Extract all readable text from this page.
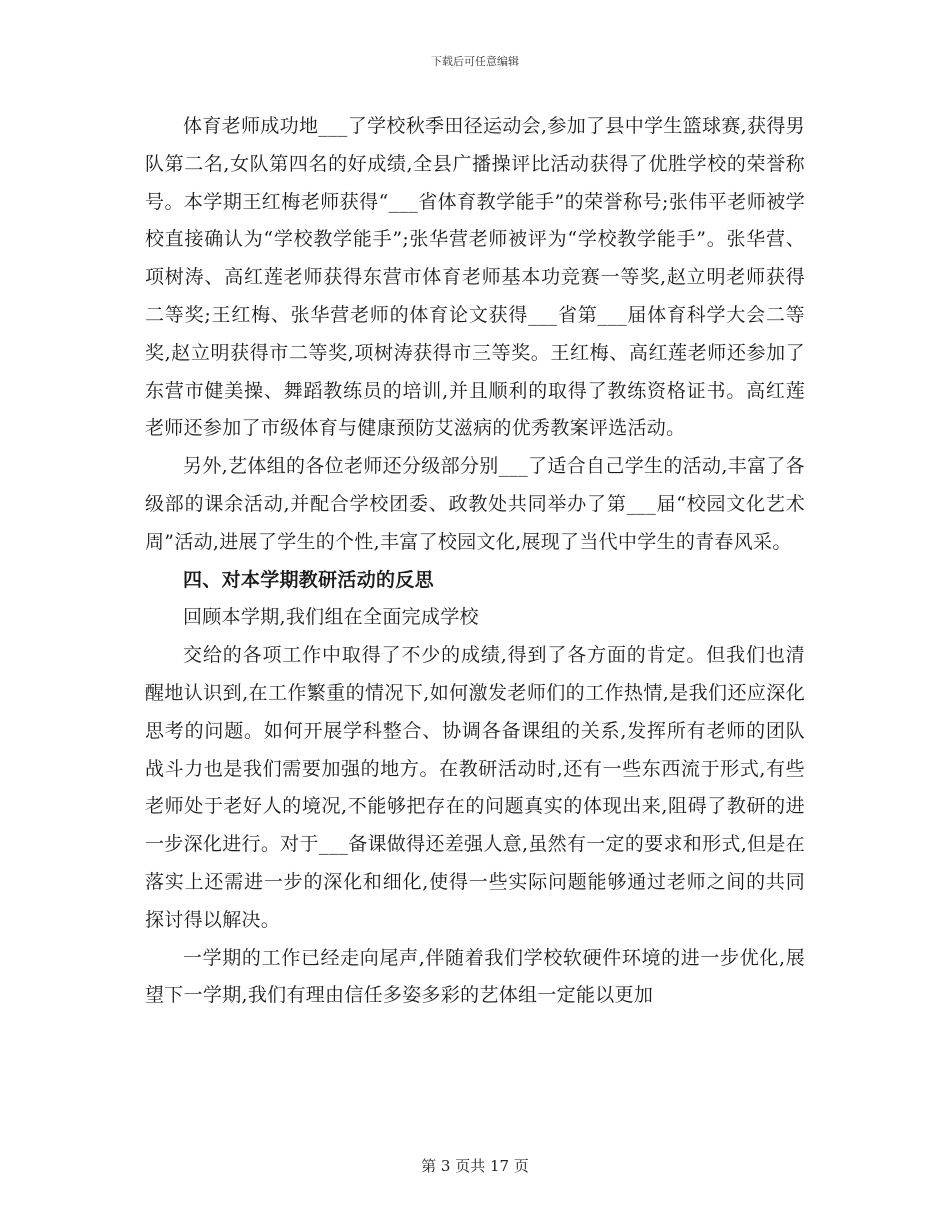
下载后可任意编辑

体育老师成功地___了学校秋季田径运动会,参加了县中学生篮球赛,获得男队第二名,女队第四名的好成绩,全县广播操评比活动获得了优胜学校的荣誉称号。本学期王红梅老师获得“___省体育教学能手”的荣誉称号;张伟平老师被学校直接确认为“学校教学能手”;张华营老师被评为“学校教学能手”。张华营、项树涛、高红莲老师获得东营市体育老师基本功竞赛一等奖,赵立明老师获得二等奖;王红梅、张华营老师的体育论文获得___省第___届体育科学大会二等奖,赵立明获得市二等奖,项树涛获得市三等奖。王红梅、高红莲老师还参加了东营市健美操、舞蹈教练员的培训,并且顺利的取得了教练资格证书。高红莲老师还参加了市级体育与健康预防艾滋病的优秀教案评选活动。

另外,艺体组的各位老师还分级部分别___了适合自己学生的活动,丰富了各级部的课余活动,并配合学校团委、政教处共同举办了第___届“校园文化艺术周”活动,进展了学生的个性,丰富了校园文化,展现了当代中学生的青春风采。

四、对本学期教研活动的反思

回顾本学期,我们组在全面完成学校

交给的各项工作中取得了不少的成绩,得到了各方面的肯定。但我们也清醒地认识到,在工作繁重的情况下,如何激发老师们的工作热情,是我们还应深化思考的问题。如何开展学科整合、协调各备课组的关系,发挥所有老师的团队战斗力也是我们需要加强的地方。在教研活动时,还有一些东西流于形式,有些老师处于老好人的境况,不能够把存在的问题真实的体现出来,阻碍了教研的进一步深化进行。对于___备课做得还差强人意,虽然有一定的要求和形式,但是在落实上还需进一步的深化和细化,使得一些实际问题能够通过老师之间的共同探讨得以解决。

一学期的工作已经走向尾声,伴随着我们学校软硬件环境的进一步优化,展望下一学期,我们有理由信任多姿多彩的艺体组一定能以更加

第 3 页共 17 页
